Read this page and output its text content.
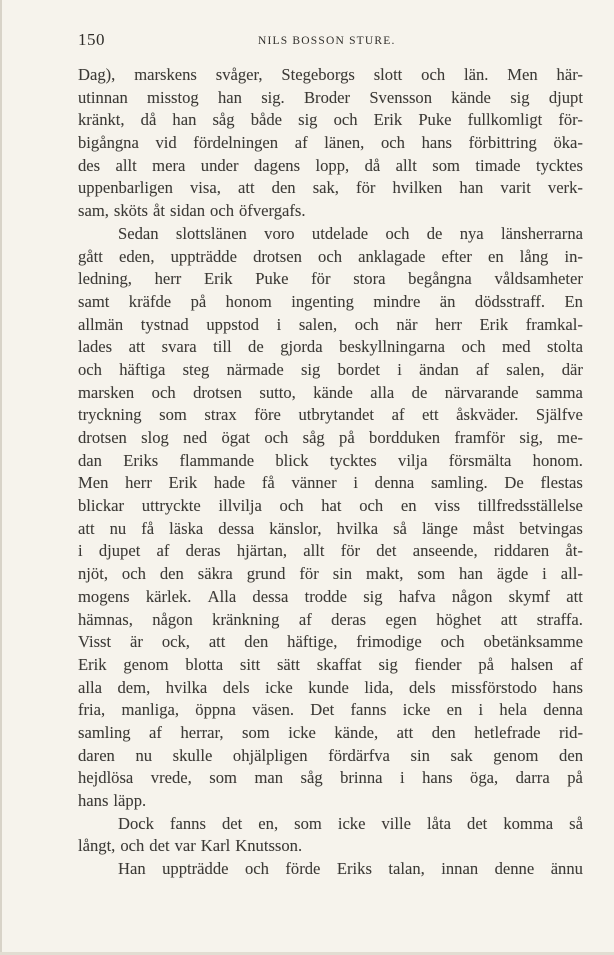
150	NILS BOSSON STURE.
Dag), marskens svåger, Stegeborgs slott och län. Men här-
utinnan misstog han sig. Broder Svensson kände sig djupt
kränkt, då han såg både sig och Erik Puke fullkomligt för-
bigångna vid fördelningen af länen, och hans förbittring öka-
des allt mera under dagens lopp, då allt som timade tycktes
uppenbarligen visa, att den sak, för hvilken han varit verk-
sam, sköts åt sidan och öfvergafs.
Sedan slottslänen voro utdelade och de nya länsherrarna
gått eden, uppträdde drotsen och anklagade efter en lång in-
ledning, herr Erik Puke för stora begångna våldsamheter
samt kräfde på honom ingenting mindre än dödsstraff. En
allmän tystnad uppstod i salen, och när herr Erik framkal-
lades att svara till de gjorda beskyllningarna och med stolta
och häftiga steg närmade sig bordet i ändan af salen, där
marsken och drotsen sutto, kände alla de närvarande samma
tryckning som strax före utbrytandet af ett åskväder. Själfve
drotsen slog ned ögat och såg på bordduken framför sig, me-
dan Eriks flammande blick tycktes vilja försmälta honom.
Men herr Erik hade få vänner i denna samling. De flestas
blickar uttryckte illvilja och hat och en viss tillfredsställelse
att nu få läska dessa känslor, hvilka så länge måst betvingas
i djupet af deras hjärtan, allt för det anseende, riddaren åt-
njöt, och den säkra grund för sin makt, som han ägde i all-
mogens kärlek. Alla dessa trodde sig hafva någon skymf att
hämnas, någon kränkning af deras egen höghet att straffa.
Visst är ock, att den häftige, frimodige och obetänksamme
Erik genom blotta sitt sätt skaffat sig fiender på halsen af
alla dem, hvilka dels icke kunde lida, dels missförstodo hans
fria, manliga, öppna väsen. Det fanns icke en i hela denna
samling af herrar, som icke kände, att den hetlefrade rid-
daren nu skulle ohjälpligen fördärfva sin sak genom den
hejdlösa vrede, som man såg brinna i hans öga, darra på
hans läpp.
Dock fanns det en, som icke ville låta det komma så
långt, och det var Karl Knutsson.
Han uppträdde och förde Eriks talan, innan denne ännu
